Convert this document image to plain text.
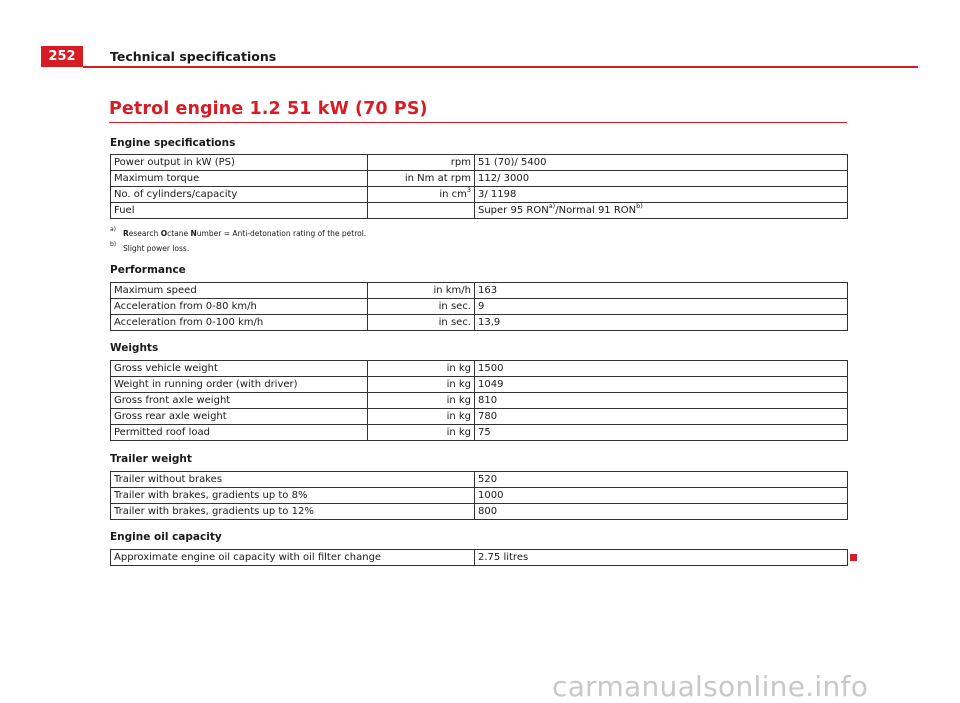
252	Technical specifications
Petrol engine 1.2 51 kW (70 PS)
Engine specifications
Power output in kW (PS)	rpm	51 (70)/ 5400
Maximum torque	in Nm at rpm	112/ 3000
No. of cylinders/capacity	in $cm^3$	3/ 1198
Fuel		Super 95 RON$^{a)}$/Normal 91 RON$^{b)}$
a) Research Octane Number = Anti-detonation rating of the petrol.
b) Slight power loss.
Performance
Maximum speed	in km/h	163
Acceleration from 0-80 km/h	in sec.	9
Acceleration from 0-100 km/h	in sec.	13,9
Weights
Gross vehicle weight	in kg	1500
Weight in running order (with driver)	in kg	1049
Gross front axle weight	in kg	810
Gross rear axle weight	in kg	780
Permitted roof load	in kg	75
Trailer weight
Trailer without brakes	520
Trailer with brakes, gradients up to 8%	1000
Trailer with brakes, gradients up to 12%	800
Engine oil capacity
Approximate engine oil capacity with oil filter change	2.75 litres
carmanualsonline.info
